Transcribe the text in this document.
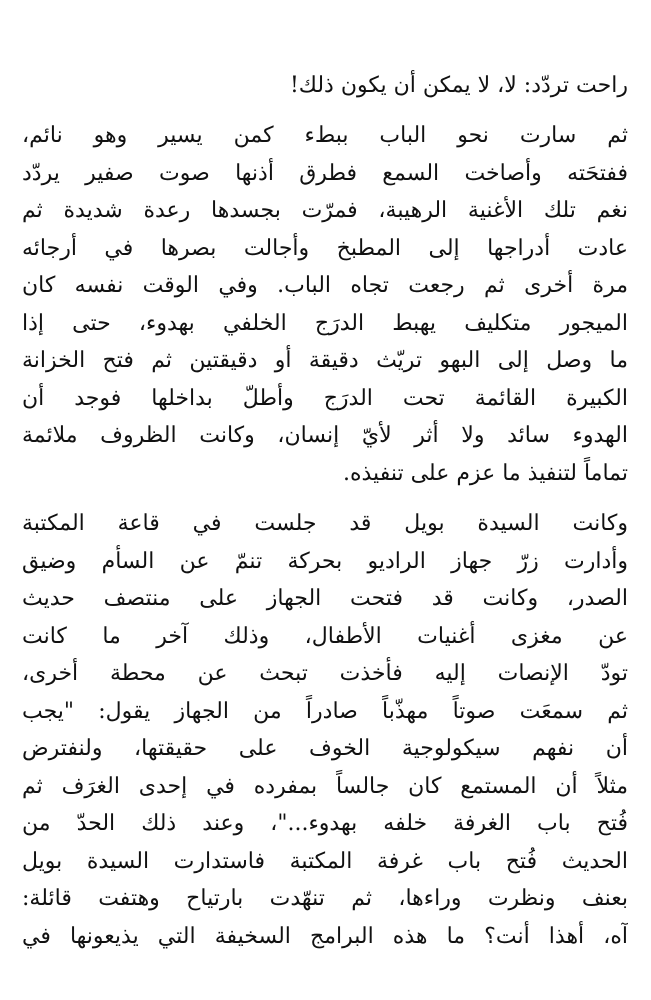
راحت تردّد: لا، لا يمكن أن يكون ذلك!
ثم سارت نحو الباب ببطء كمن يسير وهو نائم،
ففتحَته وأصاخت السمع فطرق أذنها صوت صفير يردّد
نغم تلك الأغنية الرهيبة، فمرّت بجسدها رعدة شديدة ثم
عادت أدراجها إلى المطبخ وأجالت بصرها في أرجائه
مرة أخرى ثم رجعت تجاه الباب. وفي الوقت نفسه كان
الميجور متكليف يهبط الدرَج الخلفي بهدوء، حتى إذا
ما وصل إلى البهو تريّث دقيقة أو دقيقتين ثم فتح الخزانة
الكبيرة القائمة تحت الدرَج وأطلّ بداخلها فوجد أن
الهدوء سائد ولا أثر لأيّ إنسان، وكانت الظروف ملائمة
تماماً لتنفيذ ما عزم على تنفيذه.
وكانت السيدة بويل قد جلست في قاعة المكتبة
وأدارت زرّ جهاز الراديو بحركة تنمّ عن السأم وضيق
الصدر، وكانت قد فتحت الجهاز على منتصف حديث
عن مغزى أغنيات الأطفال، وذلك آخر ما كانت
تودّ الإنصات إليه فأخذت تبحث عن محطة أخرى،
ثم سمعَت صوتاً مهذّباً صادراً من الجهاز يقول: "يجب
أن نفهم سيكولوجية الخوف على حقيقتها، ولنفترض
مثلاً أن المستمع كان جالساً بمفرده في إحدى الغرَف ثم
فُتح باب الغرفة خلفه بهدوء..."، وعند ذلك الحدّ من
الحديث فُتح باب غرفة المكتبة فاستدارت السيدة بويل
بعنف ونظرت وراءها، ثم تنهّدت بارتياح وهتفت قائلة:
آه، أهذا أنت؟ ما هذه البرامج السخيفة التي يذيعونها في
